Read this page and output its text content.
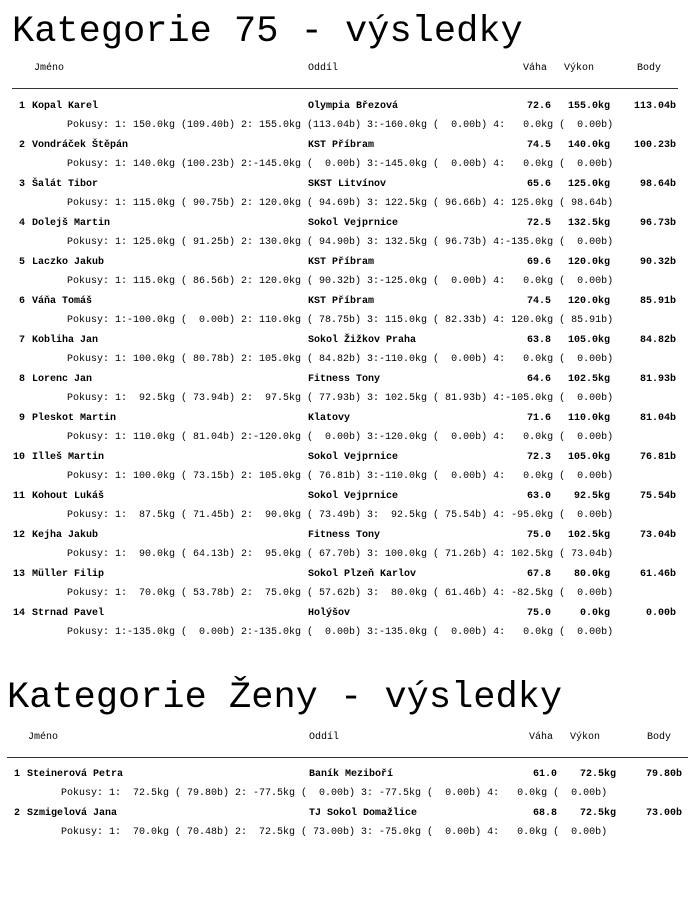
Kategorie 75 - výsledky
Jméno	Oddíl	Váha Výkon	Body
1 Kopal Karel	Olympia Březová	72.6 155.0kg 113.04b
Pokusy: 1: 150.0kg (109.40b) 2: 155.0kg (113.04b) 3:-160.0kg (  0.00b) 4:   0.0kg (  0.00b)
2 Vondráček Štěpán	KST Příbram	74.5 140.0kg 100.23b
Pokusy: 1: 140.0kg (100.23b) 2:-145.0kg (  0.00b) 3:-145.0kg (  0.00b) 4:   0.0kg (  0.00b)
3 Šalát Tibor	SKST Litvínov	65.6 125.0kg	98.64b
Pokusy: 1: 115.0kg ( 90.75b) 2: 120.0kg ( 94.69b) 3: 122.5kg ( 96.66b) 4: 125.0kg ( 98.64b)
4 Dolejš Martin	Sokol Vejprnice	72.5 132.5kg	96.73b
Pokusy: 1: 125.0kg ( 91.25b) 2: 130.0kg ( 94.90b) 3: 132.5kg ( 96.73b) 4:-135.0kg (  0.00b)
5 Laczko Jakub	KST Příbram	69.6 120.0kg	90.32b
Pokusy: 1: 115.0kg ( 86.56b) 2: 120.0kg ( 90.32b) 3:-125.0kg (  0.00b) 4:   0.0kg (  0.00b)
6 Váňa Tomáš	KST Příbram	74.5 120.0kg	85.91b
Pokusy: 1:-100.0kg (  0.00b) 2: 110.0kg ( 78.75b) 3: 115.0kg ( 82.33b) 4: 120.0kg ( 85.91b)
7 Kobliha Jan	Sokol Žižkov Praha	63.8 105.0kg	84.82b
Pokusy: 1: 100.0kg ( 80.78b) 2: 105.0kg ( 84.82b) 3:-110.0kg (  0.00b) 4:   0.0kg (  0.00b)
8 Lorenc Jan	Fitness Tony	64.6 102.5kg	81.93b
Pokusy: 1:  92.5kg ( 73.94b) 2:  97.5kg ( 77.93b) 3: 102.5kg ( 81.93b) 4:-105.0kg (  0.00b)
9 Pleskot Martin	Klatovy	71.6 110.0kg	81.04b
Pokusy: 1: 110.0kg ( 81.04b) 2:-120.0kg (  0.00b) 3:-120.0kg (  0.00b) 4:   0.0kg (  0.00b)
10 Illeš Martin	Sokol Vejprnice	72.3 105.0kg	76.81b
Pokusy: 1: 100.0kg ( 73.15b) 2: 105.0kg ( 76.81b) 3:-110.0kg (  0.00b) 4:   0.0kg (  0.00b)
11 Kohout Lukáš	Sokol Vejprnice	63.0 92.5kg	75.54b
Pokusy: 1:  87.5kg ( 71.45b) 2:  90.0kg ( 73.49b) 3:  92.5kg ( 75.54b) 4: -95.0kg (  0.00b)
12 Kejha Jakub	Fitness Tony	75.0 102.5kg	73.04b
Pokusy: 1:  90.0kg ( 64.13b) 2:  95.0kg ( 67.70b) 3: 100.0kg ( 71.26b) 4: 102.5kg ( 73.04b)
13 Müller Filip	Sokol Plzeň Karlov	67.8 80.0kg	61.46b
Pokusy: 1:  70.0kg ( 53.78b) 2:  75.0kg ( 57.62b) 3:  80.0kg ( 61.46b) 4: -82.5kg (  0.00b)
14 Strnad Pavel	Holýšov	75.0	0.0kg	0.00b
Pokusy: 1:-135.0kg (  0.00b) 2:-135.0kg (  0.00b) 3:-135.0kg (  0.00b) 4:   0.0kg (  0.00b)
Kategorie Ženy - výsledky
Jméno	Oddíl	Váha Výkon	Body
1 Steinerová Petra	Baník Meziboří	61.0 72.5kg	79.80b
Pokusy: 1:  72.5kg ( 79.80b) 2: -77.5kg (  0.00b) 3: -77.5kg (  0.00b) 4:   0.0kg (  0.00b)
2 Szmigelová Jana	TJ Sokol Domažlice	68.8 72.5kg	73.00b
Pokusy: 1:  70.0kg ( 70.48b) 2:  72.5kg ( 73.00b) 3: -75.0kg (  0.00b) 4:   0.0kg (  0.00b)
